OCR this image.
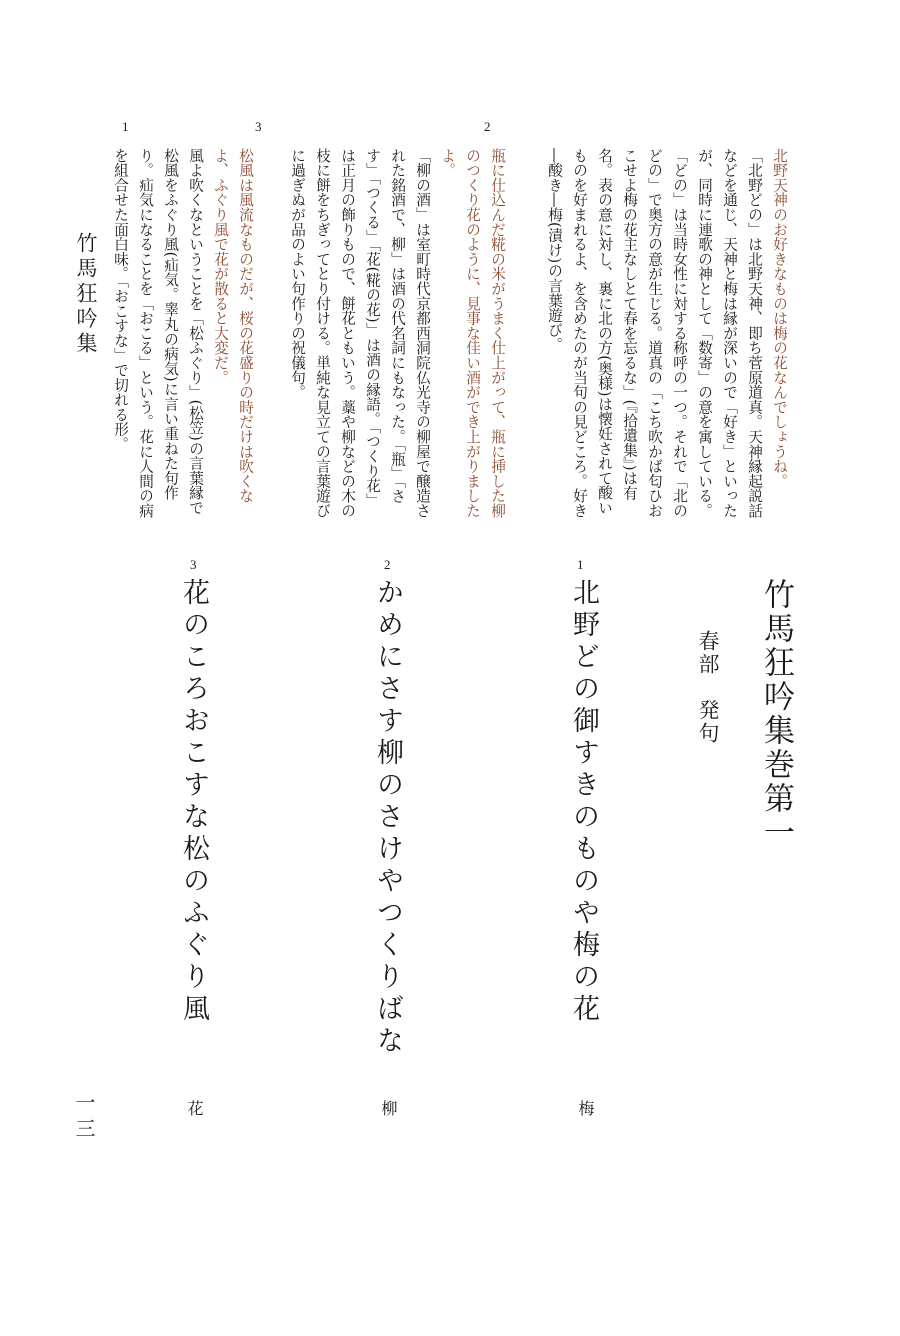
1
北野天神のお好きなものは梅の花なんでしょうね。
「北野どの」は北野天神、即ち菅原道真。天神縁起説話などを通じ、天神と梅は縁が深いので「好き」といったが、同時に連歌の神として「数寄」の意を寓している。「どの」は当時女性に対する称呼の一つ。それで「北のどの」で奥方の意が生じる。道真の「こち吹かば匂ひおこせよ梅の花主なしとて春を忘るな」(『拾遺集』)は有名。表の意に対し、裏に北の方(奥様)は懐妊されて酸いものを好まれるよ、を含めたのが当句の見どころ。好き―酸き―梅(漬け)の言葉遊び。
2
瓶に仕込んだ糀の米がうまく仕上がって、瓶に挿した柳のつくり花のように、見事な佳い酒ができ上がりましたよ。
「柳の酒」は室町時代京都西洞院仏光寺の柳屋で醸造された銘酒で、柳」は酒の代名詞にもなった。「瓶」「さす」「つくる」「花(糀の花)」は酒の縁語。「つくり花」は正月の飾りもので、餅花ともいう。藁や柳などの木の枝に餅をちぎってとり付ける。単純な見立ての言葉遊びに過ぎぬが品のよい句作りの祝儀句。
3
松風は風流なものだが、桜の花盛りの時だけは吹くなよ、ふぐり風で花が散ると大変だ。
風よ吹くなということを「松ふぐり」(松笠)の言葉縁で松風をふぐり風(疝気。睾丸の病気)に言い重ねた句作り。疝気になることを「おこる」という。花に人間の病を組合せた面白味。「おこすな」で切れる形。
竹馬狂吟集巻第一
春部　発句
1
北野どの御すきのものや梅の花
梅
2
かめにさす柳のさけやつくりばな
柳
3
花のころおこすな松のふぐり風
花
竹馬狂吟集
一三
